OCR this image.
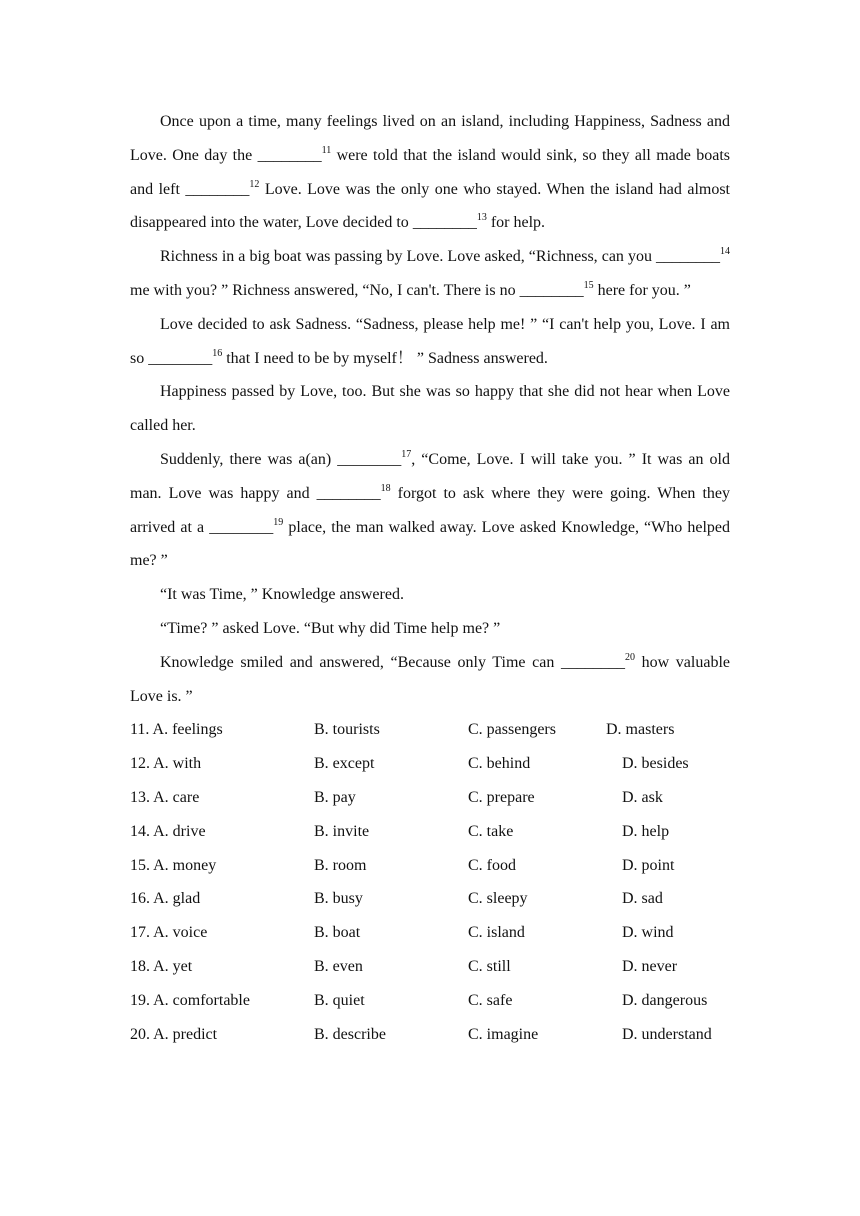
Once upon a time, many feelings lived on an island, including Happiness, Sadness and Love. One day the ________$^{11}$ were told that the island would sink, so they all made boats and left ________$^{12}$ Love. Love was the only one who stayed. When the island had almost disappeared into the water, Love decided to ________$^{13}$ for help.

Richness in a big boat was passing by Love. Love asked, “Richness, can you ________$^{14}$ me with you? ” Richness answered, “No, I can't. There is no ________$^{15}$ here for you. ”

Love decided to ask Sadness. “Sadness, please help me! ” “I can't help you, Love. I am so ________$^{16}$ that I need to be by myself！ ” Sadness answered.

Happiness passed by Love, too. But she was so happy that she did not hear when Love called her.

Suddenly, there was a(an) ________$^{17}$, “Come, Love. I will take you. ” It was an old man. Love was happy and ________$^{18}$ forgot to ask where they were going. When they arrived at a ________$^{19}$ place, the man walked away. Love asked Knowledge, “Who helped me? ”

“It was Time, ” Knowledge answered.

“Time? ” asked Love. “But why did Time help me? ”

Knowledge smiled and answered, “Because only Time can ________$^{20}$ how valuable Love is. ”

11. A. feelings	B. tourists	C. passengers	D. masters
12. A. with	B. except	C. behind	D. besides
13. A. care	B. pay	C. prepare	D. ask
14. A. drive	B. invite	C. take	D. help
15. A. money	B. room	C. food	D. point
16. A. glad	B. busy	C. sleepy	D. sad
17. A. voice	B. boat	C. island	D. wind
18. A. yet	B. even	C. still	D. never
19. A. comfortable	B. quiet	C. safe	D. dangerous
20. A. predict	B. describe	C. imagine	D. understand
